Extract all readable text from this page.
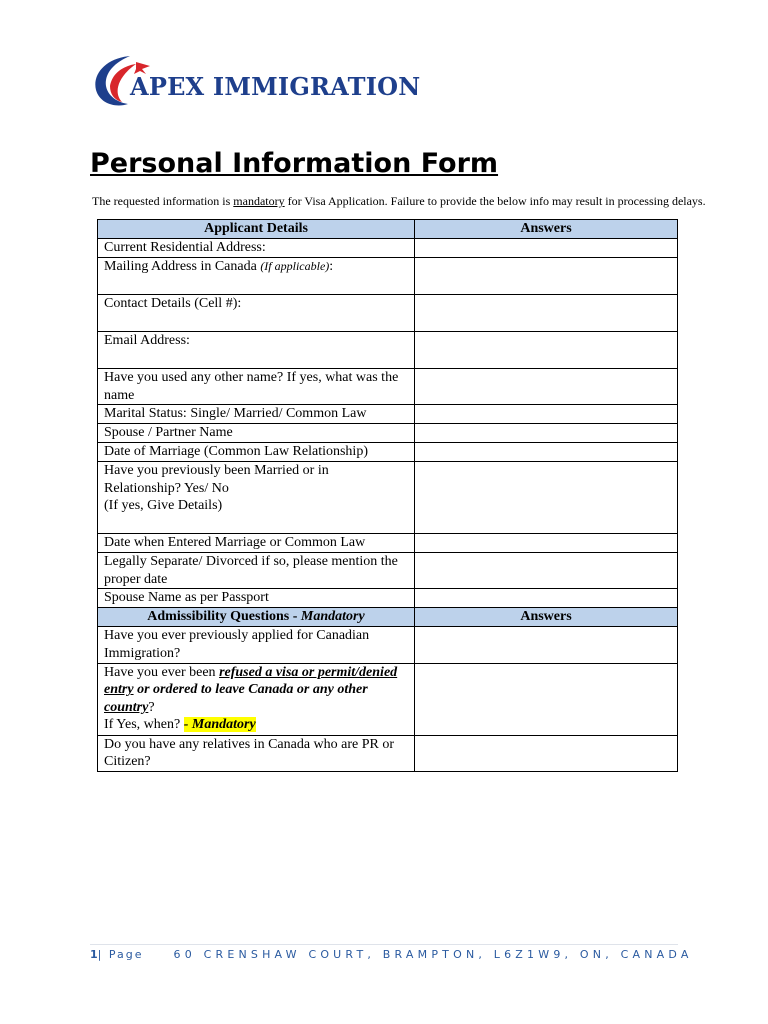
APEX IMMIGRATION
Personal Information Form
The requested information is mandatory for Visa Application. Failure to provide the below info may result in processing delays.
Applicant Details	Answers
Current Residential Address:	
Mailing Address in Canada (If applicable):	
Contact Details (Cell #):	
Email Address:	
Have you used any other name? If yes, what was the name	
Marital Status: Single/ Married/ Common Law	
Spouse / Partner Name	
Date of Marriage (Common Law Relationship)	

Have you previously been Married or in Relationship? Yes/ No
(If yes, Give Details)	

Date when Entered Marriage or Common Law	
Legally Separate/ Divorced if so, please mention the proper date	
Spouse Name as per Passport	
Admissibility Questions - Mandatory	Answers
Have you ever previously applied for Canadian Immigration?	
Have you ever been refused a visa or permit/denied entry or ordered to leave Canada or any other country?
If Yes, when? - Mandatory	
Do you have any relatives in Canada who are PR or Citizen?	
1| Page	60 CRENSHAW COURT, BRAMPTON, L6Z1W9, ON, CANADA
